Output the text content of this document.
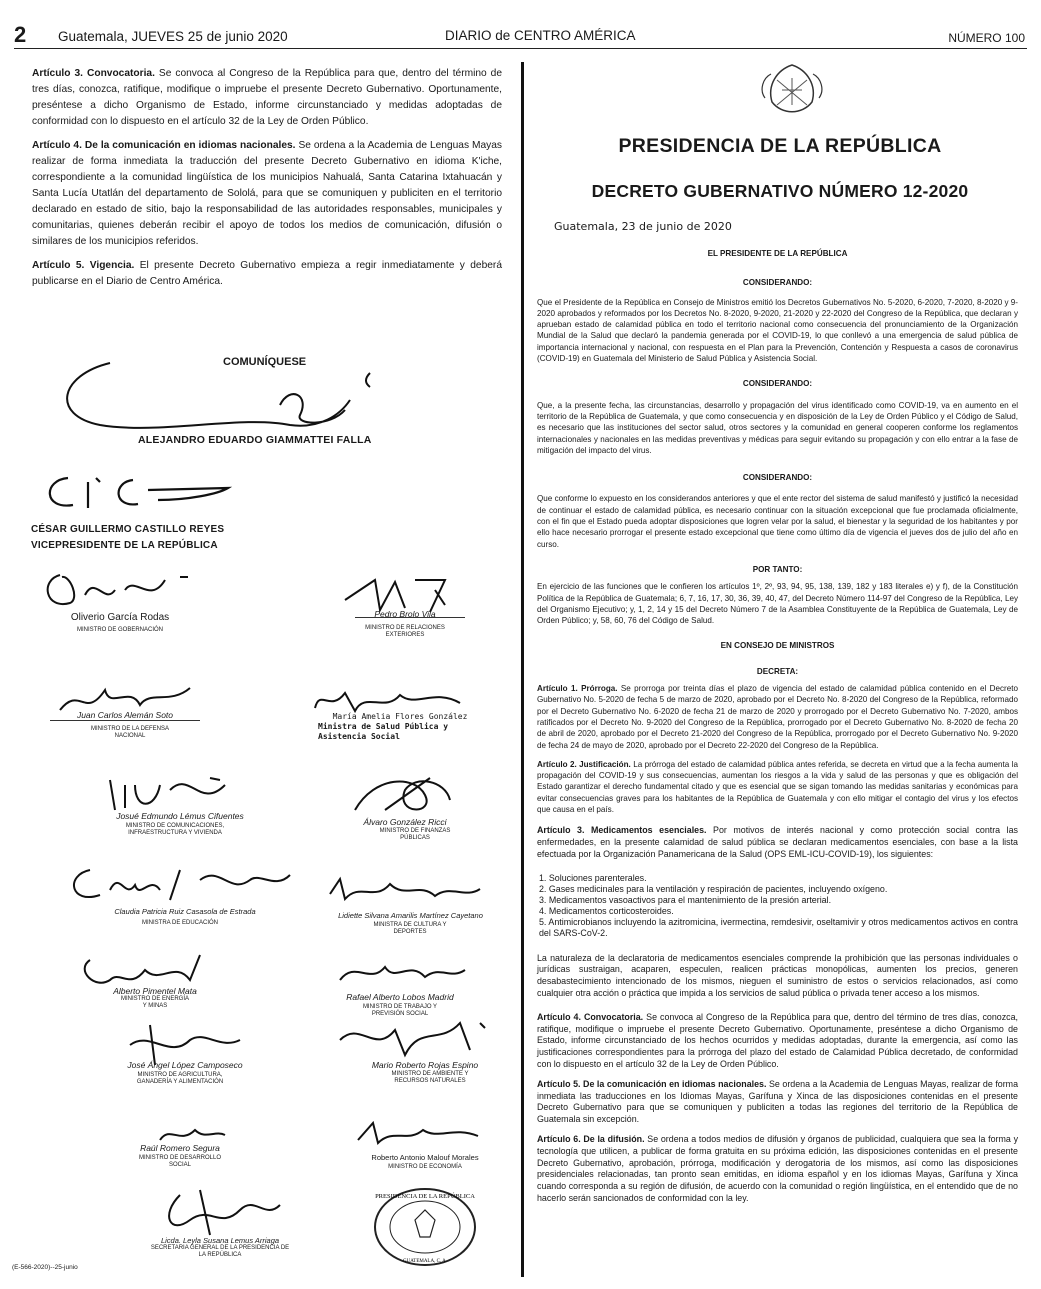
2 Guatemala, JUEVES 25 de junio 2020	DIARIO de CENTRO AMÉRICA	NÚMERO 100

Artículo 3. Convocatoria. Se convoca al Congreso de la República para que, dentro del término de tres días, conozca, ratifique, modifique o impruebe el presente Decreto Gubernativo. Oportunamente, preséntese a dicho Organismo de Estado, informe circunstanciado y medidas adoptadas de conformidad con lo dispuesto en el artículo 32 de la Ley de Orden Público.

Artículo 4. De la comunicación en idiomas nacionales. Se ordena a la Academia de Lenguas Mayas realizar de forma inmediata la traducción del presente Decreto Gubernativo en idioma K'iche, correspondiente a la comunidad lingüística de los municipios Nahualá, Santa Catarina Ixtahuacán y Santa Lucía Utatlán del departamento de Sololá, para que se comuniquen y publiciten en el territorio declarado en estado de sitio, bajo la responsabilidad de las autoridades responsables, municipales y comunitarias, quienes deberán recibir el apoyo de todos los medios de comunicación, difusión o similares de los municipios referidos.

Artículo 5. Vigencia. El presente Decreto Gubernativo empieza a regir inmediatamente y deberá publicarse en el Diario de Centro América.

COMUNÍQUESE
ALEJANDRO EDUARDO GIAMMATTEI FALLA
CÉSAR GUILLERMO CASTILLO REYES
VICEPRESIDENTE DE LA REPÚBLICA
Oliverio García Rodas
MINISTRO DE GOBERNACIÓN
Pedro Brolo Vila
MINISTRO DE RELACIONES EXTERIORES
Juan Carlos Alemán Soto
MINISTRO DE LA DEFENSA NACIONAL
María Amelia Flores González
Ministra de Salud Pública y Asistencia Social
Josué Edmundo Lémus Cifuentes
MINISTRO DE COMUNICACIONES, INFRAESTRUCTURA Y VIVIENDA
Álvaro González Ricci
MINISTRO DE FINANZAS PÚBLICAS
Claudia Patricia Ruiz Casasola de Estrada
MINISTRA DE EDUCACIÓN
Lidiette Silvana Amarilis Martínez Cayetano
MINISTRA DE CULTURA Y DEPORTES
Alberto Pimentel Mata
MINISTRO DE ENERGÍA Y MINAS
Rafael Alberto Lobos Madrid
MINISTRO DE TRABAJO Y PREVISIÓN SOCIAL
José Ángel López Camposeco
MINISTRO DE AGRICULTURA, GANADERÍA Y ALIMENTACIÓN
Mario Roberto Rojas Espino
MINISTRO DE AMBIENTE Y RECURSOS NATURALES
Raúl Romero Segura
MINISTRO DE DESARROLLO SOCIAL
Roberto Antonio Malouf Morales
MINISTRO DE ECONOMÍA
Licda. Leyla Susana Lemus Arriaga
SECRETARIA GENERAL DE LA PRESIDENCIA DE LA REPÚBLICA
PRESIDENCIA DE LA REPÚBLICA
GUATEMALA, C. A.
(E-566-2020)--25-junio
PRESIDENCIA DE LA REPÚBLICA
DECRETO GUBERNATIVO NÚMERO 12-2020
Guatemala, 23 de junio de 2020

EL PRESIDENTE DE LA REPÚBLICA

CONSIDERANDO:

Que el Presidente de la República en Consejo de Ministros emitió los Decretos Gubernativos No. 5-2020, 6-2020, 7-2020, 8-2020 y 9-2020 aprobados y reformados por los Decretos No. 8-2020, 9-2020, 21-2020 y 22-2020 del Congreso de la República, que declaran y aprueban estado de calamidad pública en todo el territorio nacional como consecuencia del pronunciamiento de la Organización Mundial de la Salud que declaró la pandemia generada por el COVID-19, lo que conllevó a una emergencia de salud pública de importancia internacional y nacional, con respuesta en el Plan para la Prevención, Contención y Respuesta a casos de coronavirus (COVID-19) en Guatemala del Ministerio de Salud Pública y Asistencia Social.

CONSIDERANDO:

Que, a la presente fecha, las circunstancias, desarrollo y propagación del virus identificado como COVID-19, va en aumento en el territorio de la República de Guatemala, y que como consecuencia y en disposición de la Ley de Orden Público y el Código de Salud, es necesario que las instituciones del sector salud, otros sectores y la comunidad en general cooperen conforme los reglamentos internacionales y nacionales en las medidas preventivas y médicas para seguir evitando su propagación y con ello entrar a la fase de mitigación del impacto del virus.

CONSIDERANDO:

Que conforme lo expuesto en los considerandos anteriores y que el ente rector del sistema de salud manifestó y justificó la necesidad de continuar el estado de calamidad pública, es necesario continuar con la situación excepcional que fue proclamada oficialmente, con el fin que el Estado pueda adoptar disposiciones que logren velar por la salud, el bienestar y la seguridad de los habitantes y por ello hace necesario prorrogar el presente estado excepcional que tiene como último día de vigencia el jueves dos de julio del año en curso.

POR TANTO:

En ejercicio de las funciones que le confieren los artículos 1º, 2º, 93, 94, 95, 138, 139, 182 y 183 literales e) y f), de la Constitución Política de la República de Guatemala; 6, 7, 16, 17, 30, 36, 39, 40, 47, del Decreto Número 114-97 del Congreso de la República, Ley del Organismo Ejecutivo; y, 1, 2, 14 y 15 del Decreto Número 7 de la Asamblea Constituyente de la República de Guatemala, Ley de Orden Público; y, 58, 60, 76 del Código de Salud.

EN CONSEJO DE MINISTROS

DECRETA:

Artículo 1. Prórroga. Se prorroga por treinta días el plazo de vigencia del estado de calamidad pública contenido en el Decreto Gubernativo No. 5-2020 de fecha 5 de marzo de 2020, aprobado por el Decreto No. 8-2020 del Congreso de la República, reformado por el Decreto Gubernativo No. 6-2020 de fecha 21 de marzo de 2020 y prorrogado por el Decreto Gubernativo No. 7-2020, ambos ratificados por el Decreto No. 9-2020 del Congreso de la República, prorrogado por el Decreto Gubernativo No. 8-2020 de fecha 20 de abril de 2020, aprobado por el Decreto 21-2020 del Congreso de la República, prorrogado por el Decreto Gubernativo No. 9-2020 de fecha 24 de mayo de 2020, aprobado por el Decreto 22-2020 del Congreso de la República.

Artículo 2. Justificación. La prórroga del estado de calamidad pública antes referida, se decreta en virtud que a la fecha aumenta la propagación del COVID-19 y sus consecuencias, aumentan los riesgos a la vida y salud de las personas y que es obligación del Estado garantizar el derecho fundamental citado y que es esencial que se sigan tomando las medidas sanitarias y económicas para evitar consecuencias graves para los habitantes de la República de Guatemala y con ello mitigar el contagio del virus y los efectos que causa en el país.

Artículo 3. Medicamentos esenciales. Por motivos de interés nacional y como protección social contra las enfermedades, en la presente calamidad de salud pública se declaran medicamentos esenciales, con base a la lista efectuada por la Organización Panamericana de la Salud (OPS EML-ICU-COVID-19), los siguientes:

1. Soluciones parenterales.
2. Gases medicinales para la ventilación y respiración de pacientes, incluyendo oxígeno.
3. Medicamentos vasoactivos para el mantenimiento de la presión arterial.
4. Medicamentos corticosteroides.
5. Antimicrobianos incluyendo la azitromicina, ivermectina, remdesivir, oseltamivir y otros medicamentos activos en contra del SARS-CoV-2.

La naturaleza de la declaratoria de medicamentos esenciales comprende la prohibición que las personas individuales o jurídicas sustraigan, acaparen, especulen, realicen prácticas monopólicas, aumenten los precios, generen desabastecimiento intencionado de los mismos, nieguen el suministro de estos o servicios relacionados, así como cualquier otra acción o práctica que impida a los servicios de salud pública o privada tener acceso a los mismos.

Artículo 4. Convocatoria. Se convoca al Congreso de la República para que, dentro del término de tres días, conozca, ratifique, modifique o impruebe el presente Decreto Gubernativo. Oportunamente, preséntese a dicho Organismo de Estado, informe circunstanciado de los hechos ocurridos y medidas adoptadas, durante la emergencia, así como las justificaciones correspondientes para la prórroga del plazo del estado de Calamidad Pública decretado, de conformidad con lo dispuesto en el artículo 32 de la Ley de Orden Público.

Artículo 5. De la comunicación en idiomas nacionales. Se ordena a la Academia de Lenguas Mayas, realizar de forma inmediata las traducciones en los Idiomas Mayas, Garífuna y Xinca de las disposiciones contenidas en el presente Decreto Gubernativo para que se comuniquen y publiciten a todas las regiones del territorio de la República de Guatemala sin excepción.

Artículo 6. De la difusión. Se ordena a todos medios de difusión y órganos de publicidad, cualquiera que sea la forma y tecnología que utilicen, a publicar de forma gratuita en su próxima edición, las disposiciones contenidas en el presente Decreto Gubernativo, aprobación, prórroga, modificación y derogatoria de los mismos, así como las disposiciones presidenciales relacionadas, tan pronto sean emitidas, en idioma español y en los idiomas Mayas, Garífuna y Xinca cuando corresponda a su región de difusión, de acuerdo con la comunidad o región lingüística, en el entendido que de no hacerlo serán sancionados de conformidad con la ley.
